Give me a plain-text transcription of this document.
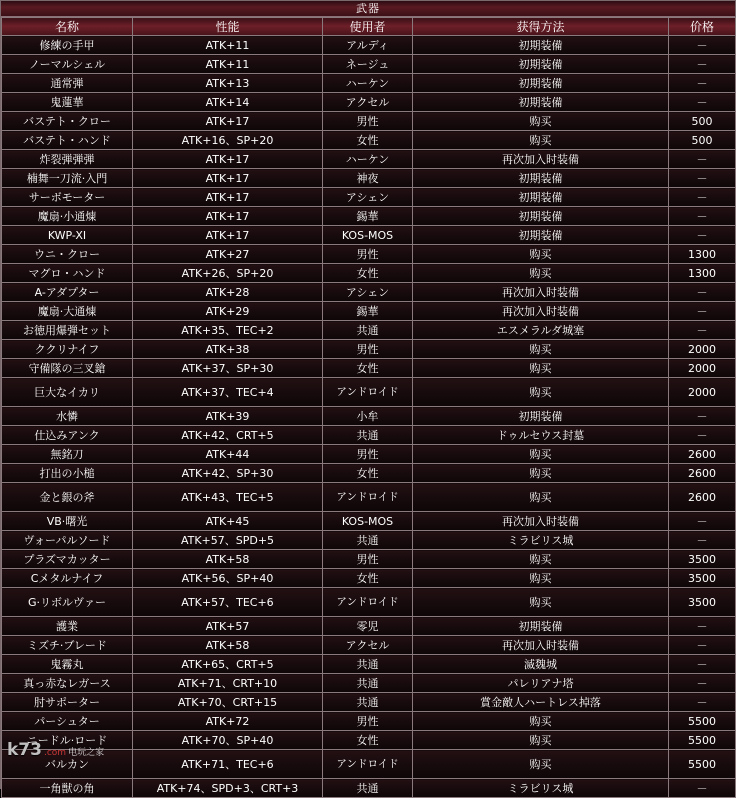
武器
名称	性能	使用者	获得方法	价格
修練の手甲	ATK+11	アルディ	初期装備	－
ノーマルシェル	ATK+11	ネージュ	初期装備	－
通常弾	ATK+13	ハーケン	初期装備	－
鬼蓮華	ATK+14	アクセル	初期装備	－
バステト・クロー	ATK+17	男性	购买	500
バステト・ハンド	ATK+16、SP+20	女性	购买	500
炸裂弾弾弾	ATK+17	ハーケン	再次加入时装備	－
楠舞一刀流·入門	ATK+17	神夜	初期装備	－
サーボモーター	ATK+17	アシェン	初期装備	－
魔扇·小通煉	ATK+17	錫華	初期装備	－
KWP-XI	ATK+17	KOS-MOS	初期装備	－
ウニ・クロー	ATK+27	男性	购买	1300
マグロ・ハンド	ATK+26、SP+20	女性	购买	1300
A-アダプター	ATK+28	アシェン	再次加入时装備	－
魔扇·大通煉	ATK+29	錫華	再次加入时装備	－
お徳用爆弾セット	ATK+35、TEC+2	共通	エスメラルダ城塞	－
ククリナイフ	ATK+38	男性	购买	2000
守備隊の三叉鎗	ATK+37、SP+30	女性	购买	2000
巨大なイカリ	ATK+37、TEC+4	アンドロイド	购买	2000
水憐	ATK+39	小牟	初期装備	－
仕込みアンク	ATK+42、CRT+5	共通	ドゥルセウス封墓	－
無銘刀	ATK+44	男性	购买	2600
打出の小槌	ATK+42、SP+30	女性	购买	2600
金と銀の斧	ATK+43、TEC+5	アンドロイド	购买	2600
VB·曙光	ATK+45	KOS-MOS	再次加入时装備	－
ヴォーパルソード	ATK+57、SPD+5	共通	ミラビリス城	－
プラズマカッター	ATK+58	男性	购买	3500
Cメタルナイフ	ATK+56、SP+40	女性	购买	3500
G·リボルヴァー	ATK+57、TEC+6	アンドロイド	购买	3500
護業	ATK+57	零児	初期装備	－
ミズチ·ブレード	ATK+58	アクセル	再次加入时装備	－
鬼霧丸	ATK+65、CRT+5	共通	滅魏城	－
真っ赤なレガース	ATK+71、CRT+10	共通	パレリアナ塔	－
肘サポーター	ATK+70、CRT+15	共通	賞金敵人ハートレス掉落	－
パーシュター	ATK+72	男性	购买	5500
ニードル·ロード	ATK+70、SP+40	女性	购买	5500
バルカン	ATK+71、TEC+6	アンドロイド	购买	5500
一角獣の角	ATK+74、SPD+3、CRT+3	共通	ミラビリス城	－
k73 .com 电玩之家
